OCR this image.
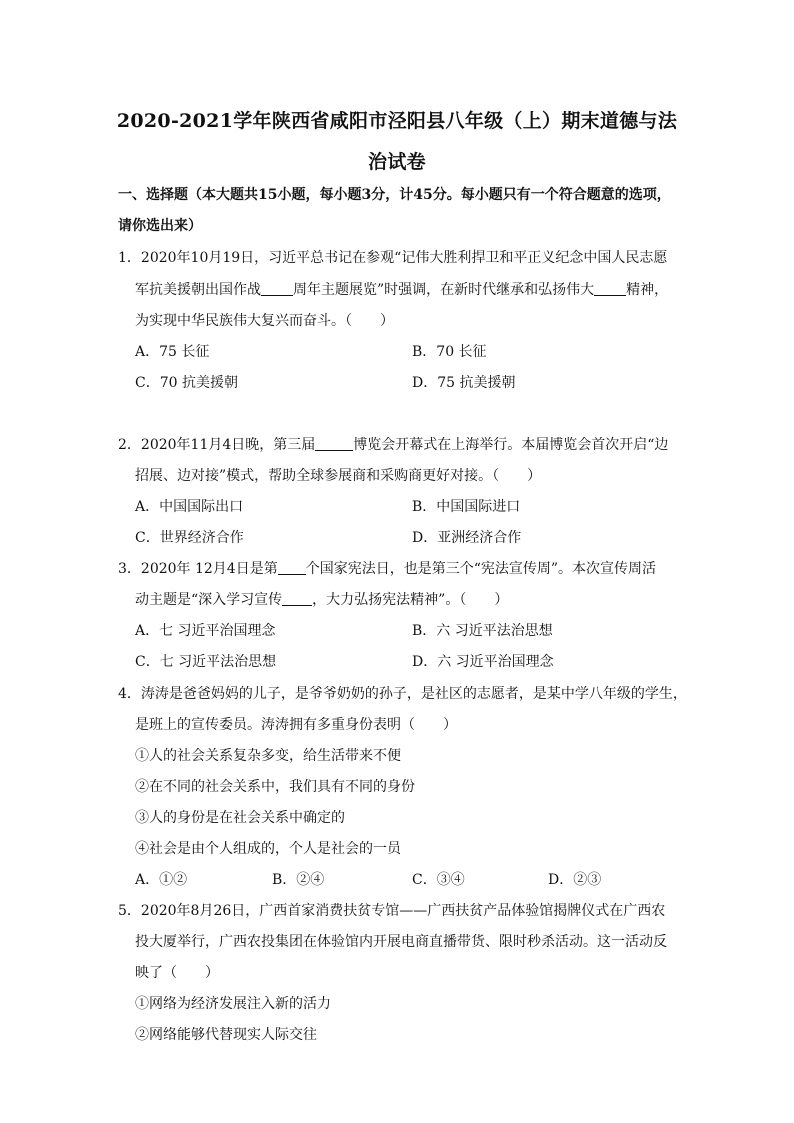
2020-2021学年陕西省咸阳市泾阳县八年级（上）期末道德与法
治试卷
一、选择题（本大题共15小题，每小题3分，计45分。每小题只有一个符合题意的选项，
请你选出来）
1．2020年10月19日，习近平总书记在参观“记伟大胜利捍卫和平正义纪念中国人民志愿
军抗美援朝出国作战 周年主题展览”时强调，在新时代继承和弘扬伟大 精神，
为实现中华民族伟大复兴而奋斗。（　　）
A．75 长征	B．70 长征
C．70 抗美援朝	D．75 抗美援朝
2．2020年11月4日晚，第三届	博览会开幕式在上海举行。本届博览会首次开启“边
招展、边对接”模式，帮助全球参展商和采购商更好对接。（　　）
A．中国国际出口	B．中国国际进口
C．世界经济合作	D．亚洲经济合作
3．2020年 12月4日是第 个国家宪法日，也是第三个“宪法宣传周”。本次宣传周活
动主题是“深入学习宣传 ，大力弘扬宪法精神”。（　　）
A．七 习近平治国理念	B．六 习近平法治思想
C．七 习近平法治思想	D．六 习近平治国理念
4．涛涛是爸爸妈妈的儿子，是爷爷奶奶的孙子，是社区的志愿者，是某中学八年级的学生，
是班上的宣传委员。涛涛拥有多重身份表明（　　）
①人的社会关系复杂多变，给生活带来不便
②在不同的社会关系中，我们具有不同的身份
③人的身份是在社会关系中确定的
④社会是由个人组成的，个人是社会的一员
A．①②	B．②④	C．③④	D．②③
5．2020年8月26日，广西首家消费扶贫专馆——广西扶贫产品体验馆揭牌仪式在广西农
投大厦举行，广西农投集团在体验馆内开展电商直播带货、限时秒杀活动。这一活动反
映了（　　）
①网络为经济发展注入新的活力
②网络能够代替现实人际交往
